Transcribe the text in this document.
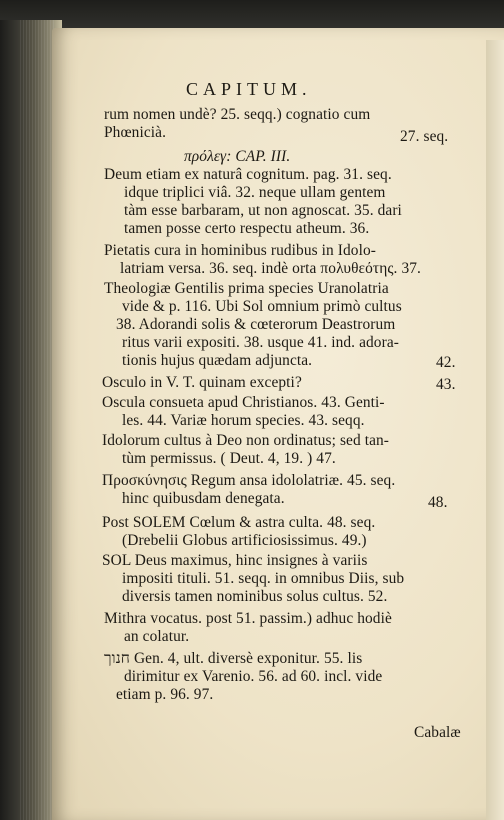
CAPITUM.
rum nomen undè? 25. seqq.) cognatio cum
Phœnicià.	27. seq.
πρόλεγ: CAP. III.
Deum etiam ex naturâ cognitum. pag. 31. seq.
idque triplici viâ. 32. neque ullam gentem
tàm esse barbaram, ut non agnoscat. 35. dari
tamen posse certo respectu atheum. 36.
Pietatis cura in hominibus rudibus in Idolo-
latriam versa. 36. seq. indè orta πολυθεότης. 37.
Theologiæ Gentilis prima species Uranolatria
vide & p. 116. Ubi Sol omnium primò cultus
38. Adorandi solis & cœterorum Deastrorum
ritus varii expositi. 38. usque 41. ind. adora-
tionis hujus quædam adjuncta.	42.
Osculo in V. T. quinam excepti?	43.
Oscula consueta apud Christianos. 43. Genti-
les. 44. Variæ horum species. 43. seqq.
Idolorum cultus à Deo non ordinatus; sed tan-
tùm permissus. ( Deut. 4, 19. ) 47.
Προσκύνησις Regum ansa idololatriæ. 45. seq.
hinc quibusdam denegata.	48.
Post SOLEM Cœlum & astra culta. 48. seq.
(Drebelii Globus artificiosissimus. 49.)
SOL Deus maximus, hinc insignes à variis
impositi tituli. 51. seqq. in omnibus Diis, sub
diversis tamen nominibus solus cultus. 52.
Mithra vocatus. post 51. passim.) adhuc hodiè
an colatur.
חנוך Gen. 4, ult. diversè exponitur. 55. lis
dirimitur ex Varenio. 56. ad 60. incl. vide
etiam p. 96. 97.
Cabalæ
